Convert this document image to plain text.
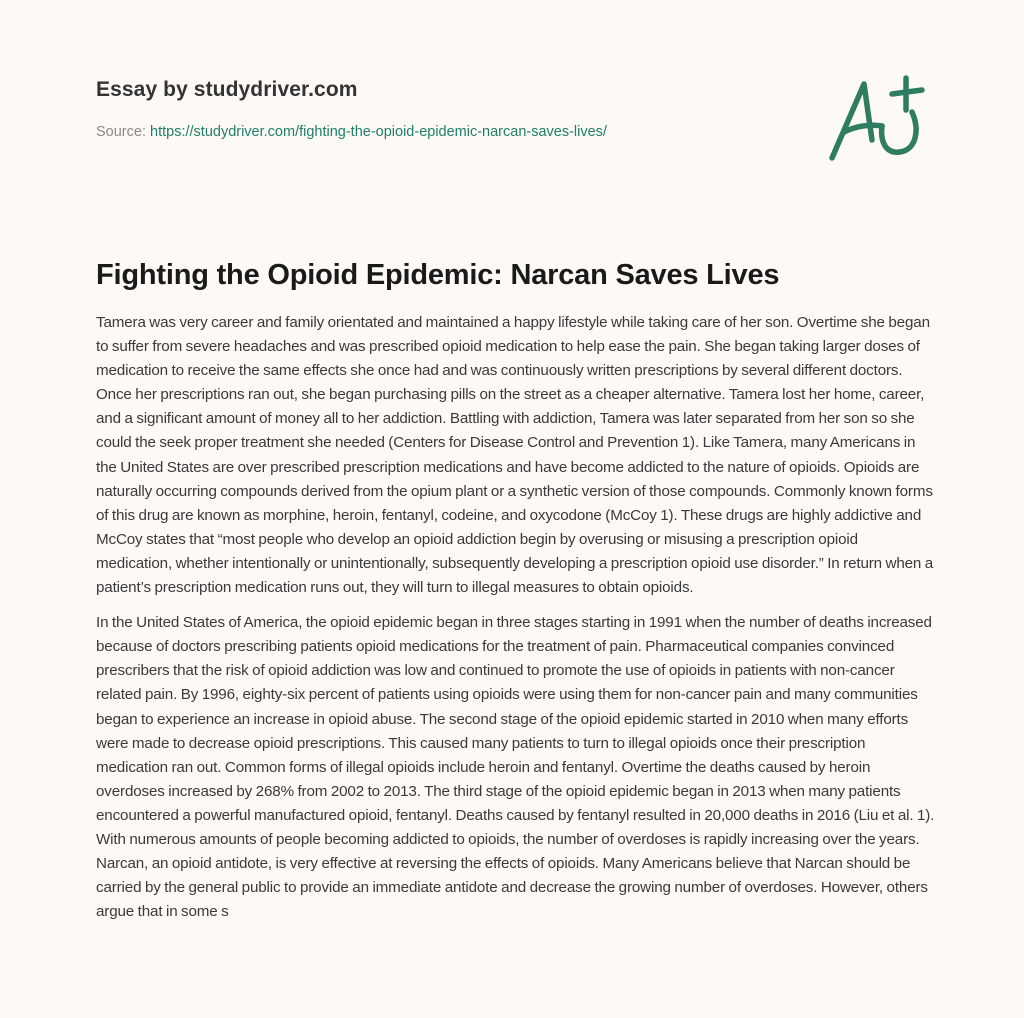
Essay by studydriver.com
Source: https://studydriver.com/fighting-the-opioid-epidemic-narcan-saves-lives/
Fighting the Opioid Epidemic: Narcan Saves Lives

Tamera was very career and family orientated and maintained a happy lifestyle while taking care of her son. Overtime she began to suffer from severe headaches and was prescribed opioid medication to help ease the pain. She began taking larger doses of medication to receive the same effects she once had and was continuously written prescriptions by several different doctors. Once her prescriptions ran out, she began purchasing pills on the street as a cheaper alternative. Tamera lost her home, career, and a significant amount of money all to her addiction. Battling with addiction, Tamera was later separated from her son so she could the seek proper treatment she needed (Centers for Disease Control and Prevention 1). Like Tamera, many Americans in the United States are over prescribed prescription medications and have become addicted to the nature of opioids. Opioids are naturally occurring compounds derived from the opium plant or a synthetic version of those compounds. Commonly known forms of this drug are known as morphine, heroin, fentanyl, codeine, and oxycodone (McCoy 1). These drugs are highly addictive and McCoy states that “most people who develop an opioid addiction begin by overusing or misusing a prescription opioid medication, whether intentionally or unintentionally, subsequently developing a prescription opioid use disorder.” In return when a patient’s prescription medication runs out, they will turn to illegal measures to obtain opioids.

In the United States of America, the opioid epidemic began in three stages starting in 1991 when the number of deaths increased because of doctors prescribing patients opioid medications for the treatment of pain. Pharmaceutical companies convinced prescribers that the risk of opioid addiction was low and continued to promote the use of opioids in patients with non-cancer related pain. By 1996, eighty-six percent of patients using opioids were using them for non-cancer pain and many communities began to experience an increase in opioid abuse. The second stage of the opioid epidemic started in 2010 when many efforts were made to decrease opioid prescriptions. This caused many patients to turn to illegal opioids once their prescription medication ran out. Common forms of illegal opioids include heroin and fentanyl. Overtime the deaths caused by heroin overdoses increased by 268% from 2002 to 2013. The third stage of the opioid epidemic began in 2013 when many patients encountered a powerful manufactured opioid, fentanyl. Deaths caused by fentanyl resulted in 20,000 deaths in 2016 (Liu et al. 1). With numerous amounts of people becoming addicted to opioids, the number of overdoses is rapidly increasing over the years. Narcan, an opioid antidote, is very effective at reversing the effects of opioids. Many Americans believe that Narcan should be carried by the general public to provide an immediate antidote and decrease the growing number of overdoses. However, others argue that in some s
